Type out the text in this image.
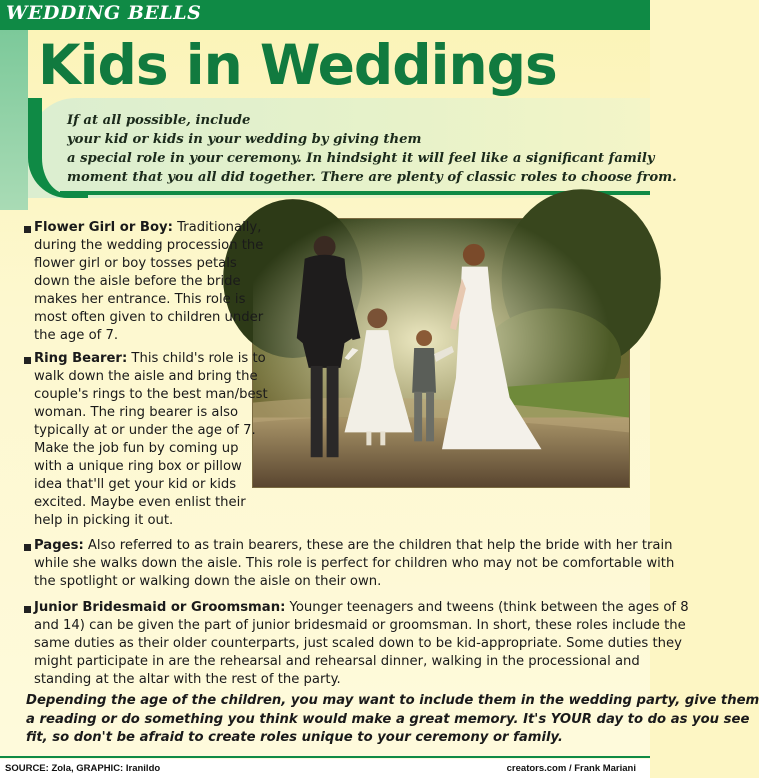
WEDDING BELLS
Kids in Weddings
If at all possible, include
your kid or kids in your wedding by giving them
a special role in your ceremony. In hindsight it will feel like a significant family
moment that you all did together. There are plenty of classic roles to choose from.
Flower Girl or Boy: Traditionally,
during the wedding procession the
flower girl or boy tosses petals
down the aisle before the bride
makes her entrance. This role is
most often given to children under
the age of 7.
Ring Bearer: This child's role is to
walk down the aisle and bring the
couple's rings to the best man/best
woman. The ring bearer is also
typically at or under the age of 7.
Make the job fun by coming up
with a unique ring box or pillow
idea that'll get your kid or kids
excited. Maybe even enlist their
help in picking it out.
Pages: Also referred to as train bearers, these are the children that help the bride with her train
while she walks down the aisle. This role is perfect for children who may not be comfortable with
the spotlight or walking down the aisle on their own.
Junior Bridesmaid or Groomsman: Younger teenagers and tweens (think between the ages of 8
and 14) can be given the part of junior bridesmaid or groomsman. In short, these roles include the
same duties as their older counterparts, just scaled down to be kid-appropriate. Some duties they
might participate in are the rehearsal and rehearsal dinner, walking in the processional and
standing at the altar with the rest of the party.
Depending the age of the children, you may want to include them in the wedding party, give them
a reading or do something you think would make a great memory. It's YOUR day to do as you see
fit, so don't be afraid to create roles unique to your ceremony or family.
SOURCE: Zola, GRAPHIC: Iranildo	creators.com / Frank Mariani
